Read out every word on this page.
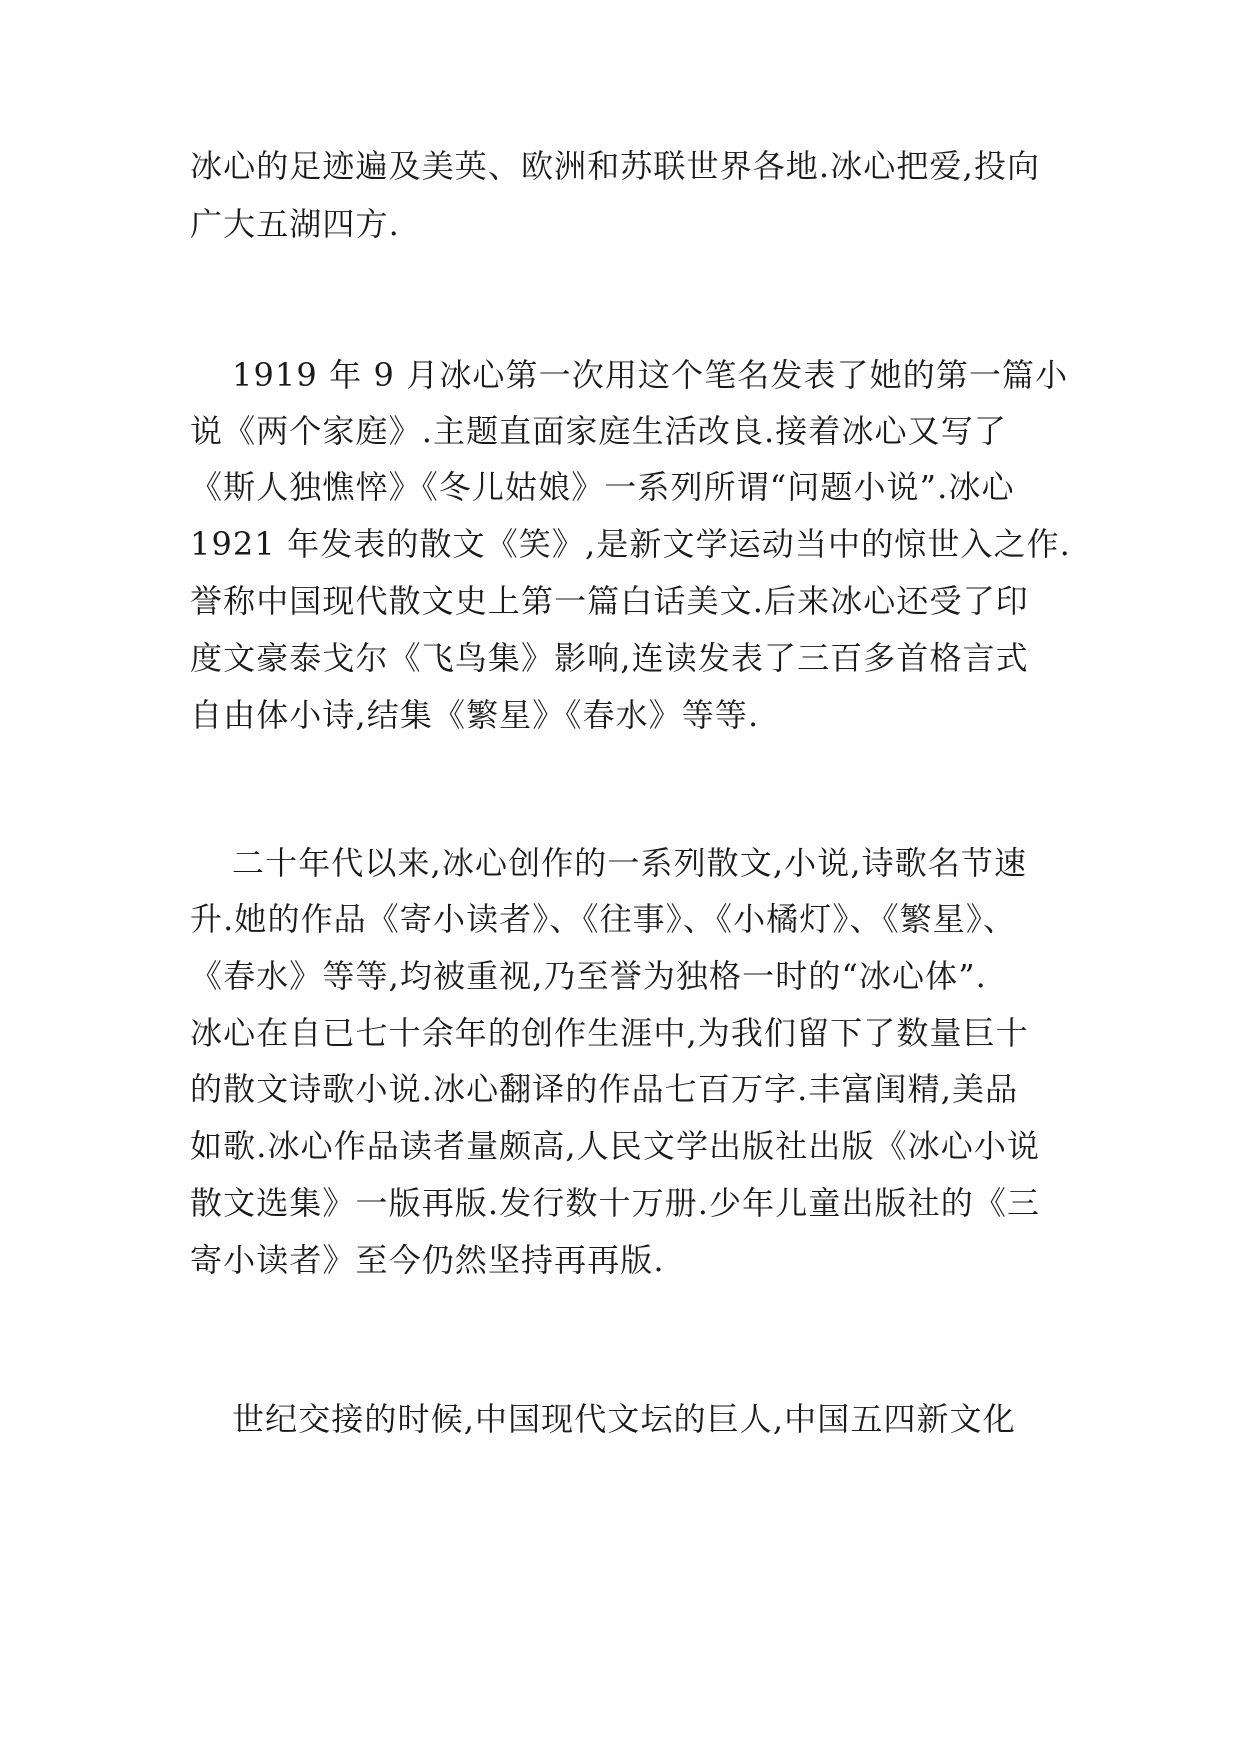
冰心的足迹遍及美英、欧洲和苏联世界各地.冰心把爱,投向

广大五湖四方.

1919 年 9 月冰心第一次用这个笔名发表了她的第一篇小

说《两个家庭》.主题直面家庭生活改良.接着冰心又写了

《斯人独憔悴》《冬儿姑娘》一系列所谓“问题小说”.冰心

1921 年发表的散文《笑》,是新文学运动当中的惊世入之作.

誉称中国现代散文史上第一篇白话美文.后来冰心还受了印

度文豪泰戈尔《飞鸟集》影响,连读发表了三百多首格言式

自由体小诗,结集《繁星》《春水》等等.

二十年代以来,冰心创作的一系列散文,小说,诗歌名节速

升.她的作品《寄小读者》、《往事》、《小橘灯》、《繁星》、

《春水》等等,均被重视,乃至誉为独格一时的“冰心体”.

冰心在自已七十余年的创作生涯中,为我们留下了数量巨十

的散文诗歌小说.冰心翻译的作品七百万字.丰富闺精,美品

如歌.冰心作品读者量颇高,人民文学出版社出版《冰心小说

散文选集》一版再版.发行数十万册.少年儿童出版社的《三

寄小读者》至今仍然坚持再再版.

世纪交接的时候,中国现代文坛的巨人,中国五四新文化
